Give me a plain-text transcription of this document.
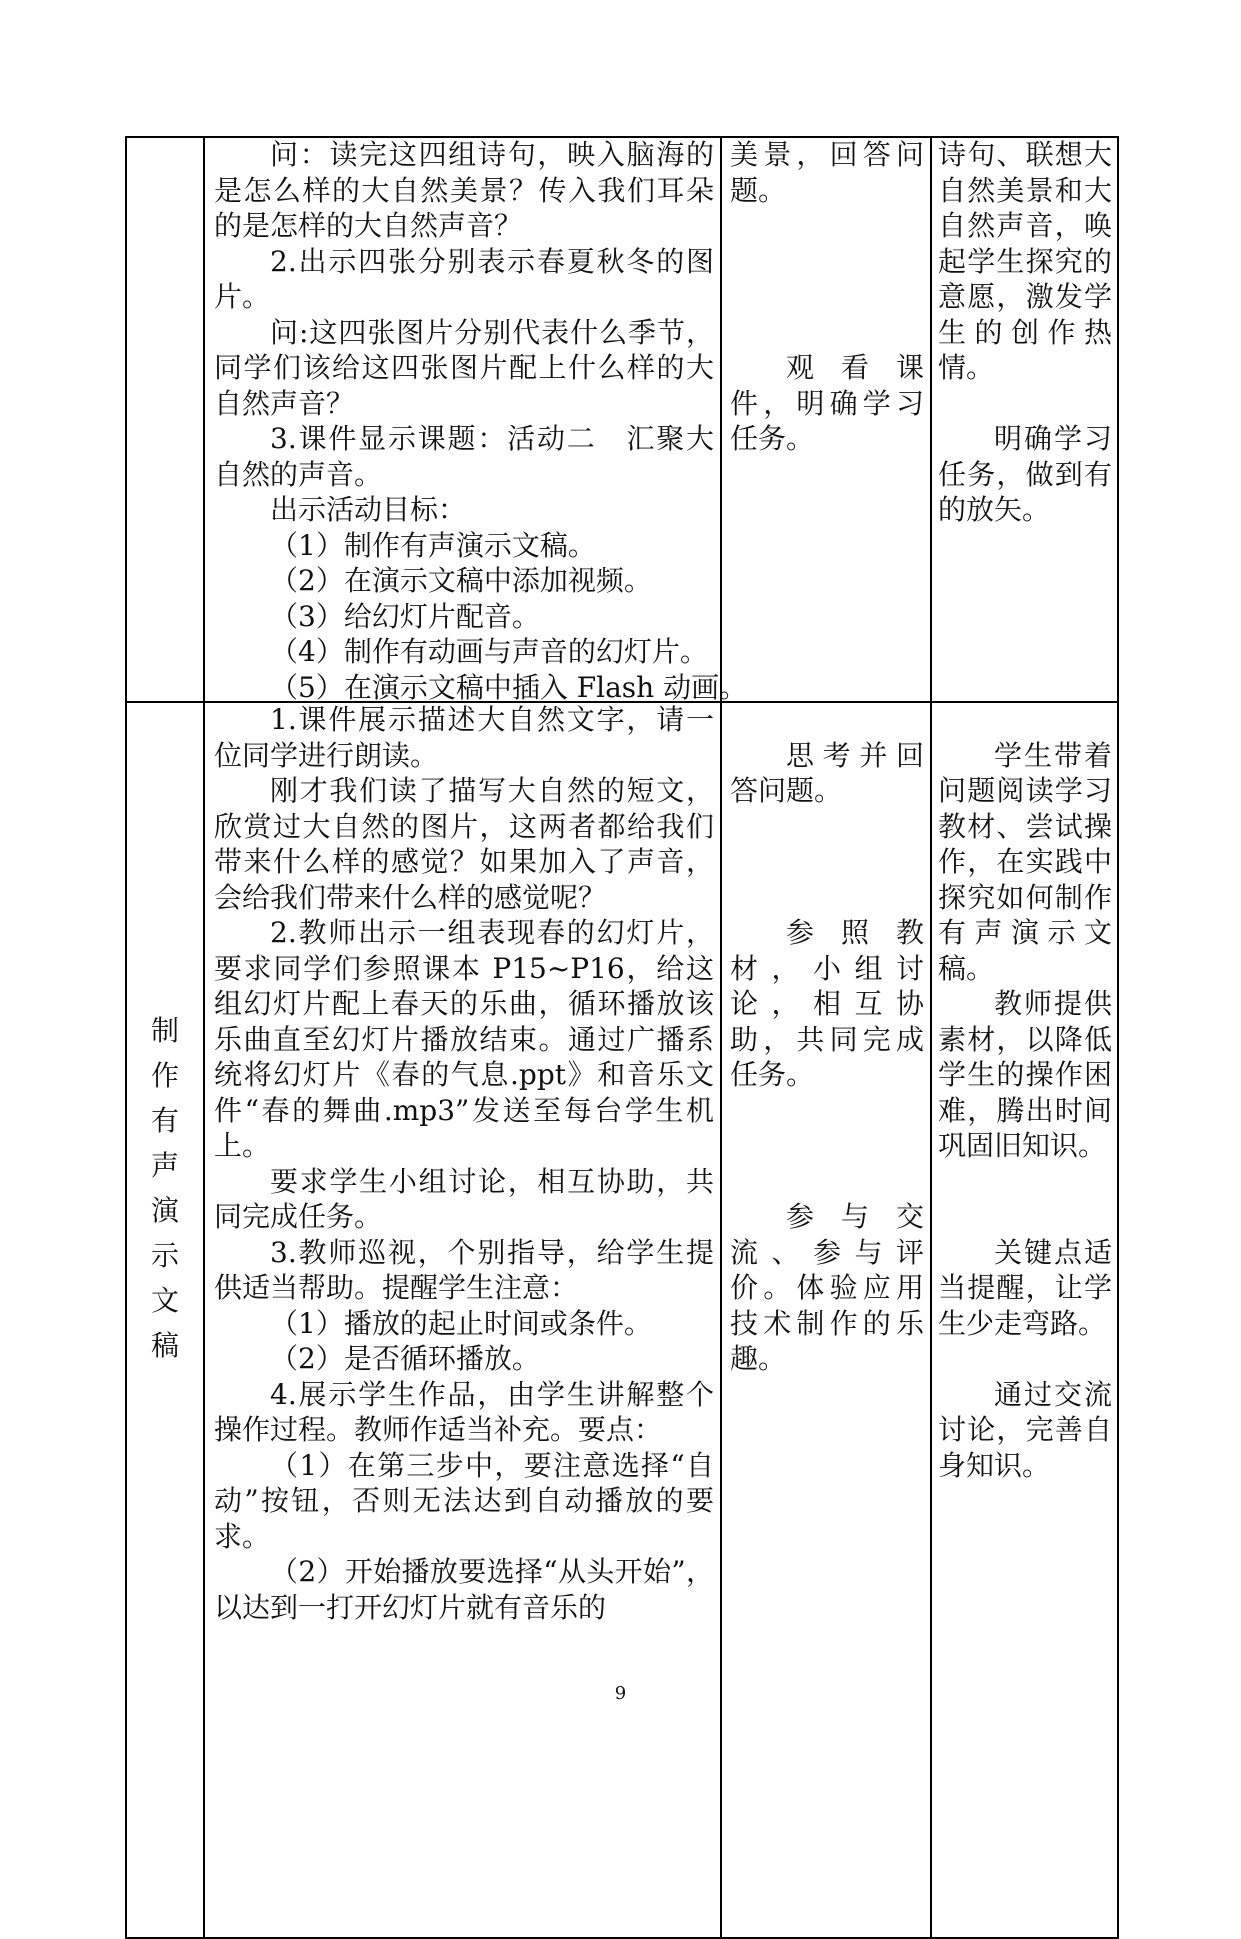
问：读完这四组诗句，映入脑海的是怎么样的大自然美景？传入我们耳朵的是怎样的大自然声音？

2.出示四张分别表示春夏秋冬的图片。

问:这四张图片分别代表什么季节，同学们该给这四张图片配上什么样的大自然声音？

3.课件显示课题：活动二　汇聚大自然的声音。

出示活动目标：

（1）制作有声演示文稿。

（2）在演示文稿中添加视频。

（3）给幻灯片配音。

（4）制作有动画与声音的幻灯片。

（5）在演示文稿中插入 Flash 动画。

美景，回答问题。

观看课件，明确学习任务。

诗句、联想大自然美景和大自然声音，唤起学生探究的意愿，激发学生的创作热情。

明确学习任务，做到有的放矢。

制作有声演示文稿

1.课件展示描述大自然文字，请一位同学进行朗读。

刚才我们读了描写大自然的短文，欣赏过大自然的图片，这两者都给我们带来什么样的感觉？如果加入了声音，会给我们带来什么样的感觉呢？

2.教师出示一组表现春的幻灯片，要求同学们参照课本 P15~P16，给这组幻灯片配上春天的乐曲，循环播放该乐曲直至幻灯片播放结束。通过广播系统将幻灯片《春的气息.ppt》和音乐文件“春的舞曲.mp3”发送至每台学生机上。

要求学生小组讨论，相互协助，共同完成任务。

3.教师巡视，个别指导，给学生提供适当帮助。提醒学生注意：

（1）播放的起止时间或条件。

（2）是否循环播放。

4.展示学生作品，由学生讲解整个操作过程。教师作适当补充。要点：

（1）在第三步中，要注意选择“自动”按钮，否则无法达到自动播放的要求。

（2）开始播放要选择“从头开始”，以达到一打开幻灯片就有音乐的

思考并回答问题。

参照教材，小组讨论，相互协助，共同完成任务。

参与交流、参与评价。体验应用技术制作的乐趣。

学生带着问题阅读学习教材、尝试操作，在实践中探究如何制作有声演示文稿。

教师提供素材，以降低学生的操作困难，腾出时间巩固旧知识。

关键点适当提醒，让学生少走弯路。

通过交流讨论，完善自身知识。

9
